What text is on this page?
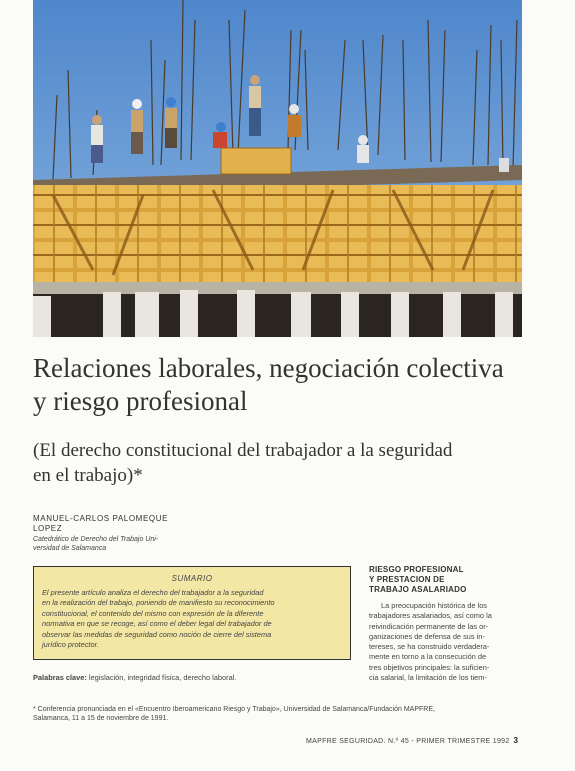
Relaciones laborales, negociación colectiva
y riesgo profesional
(El derecho constitucional del trabajador a la seguridad
en el trabajo)*
MANUEL-CARLOS PALOMEQUE
LOPEZ
Catedrático de Derecho del Trabajo Uni-
versidad de Salamanca
SUMARIO
El presente artículo analiza el derecho del trabajador a la seguridad
en la realización del trabajo, poniendo de manifiesto su reconocimiento
constitucional, el contenido del mismo con expresión de la diferente
normativa en que se recoge, así como el deber legal del trabajador de
observar las medidas de seguridad como noción de cierre del sistema
jurídico protector.
Palabras clave: legislación, integridad física, derecho laboral.
RIESGO PROFESIONAL
Y PRESTACION DE
TRABAJO ASALARIADO
La preocupación histórica de los
trabajadores asalariados, así como la
reivindicación permanente de las or-
ganizaciones de defensa de sus in-
tereses, se ha construido verdadera-
mente en torno a la consecución de
tres objetivos principales: la suficien-
cia salarial, la limitación de los tiem-
* Conferencia pronunciada en el «Encuentro Iberoamericano Riesgo y Trabajo», Universidad de Salamanca/Fundación MAPFRE,
Salamanca, 11 a 15 de noviembre de 1991.
MAPFRE SEGURIDAD. N.º 45 - PRIMER TRIMESTRE 1992 3
